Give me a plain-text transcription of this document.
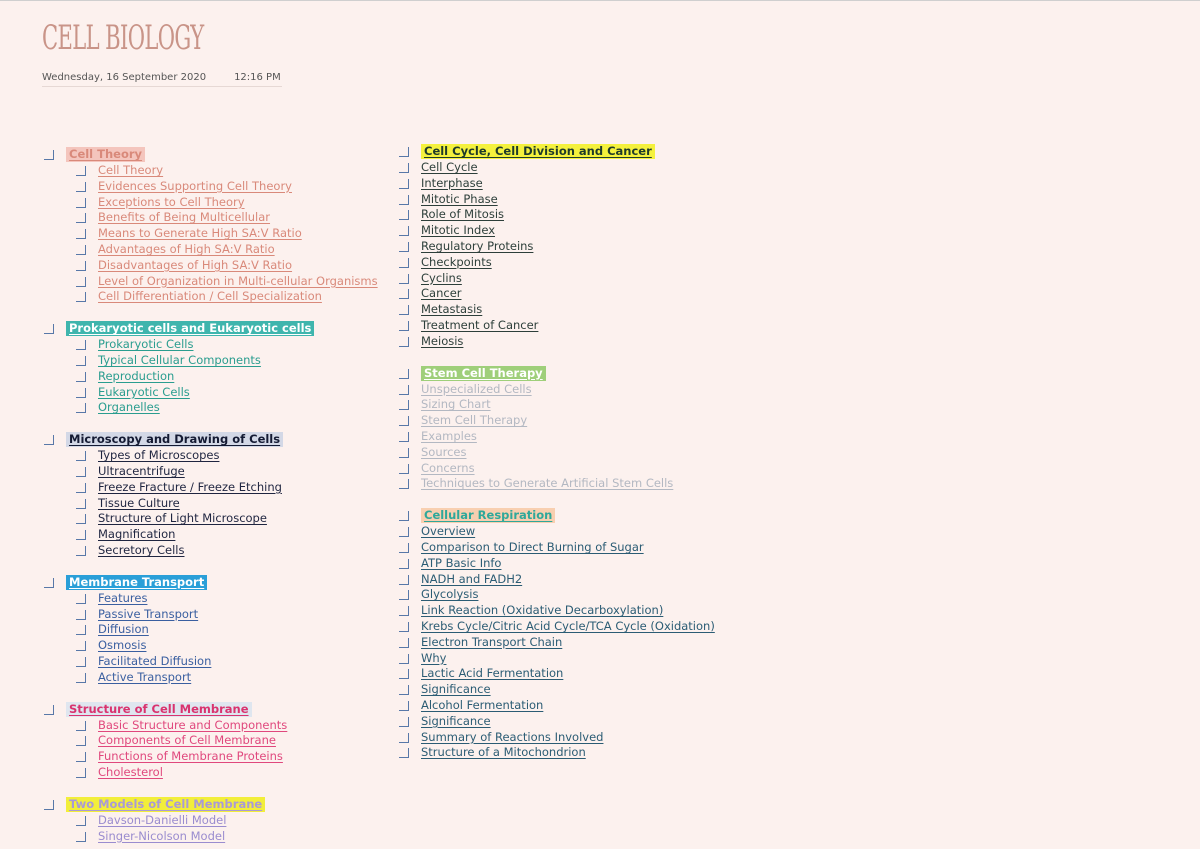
CELL BIOLOGY
Wednesday, 16 September 2020	12:16 PM
Cell Theory
Cell Theory
Evidences Supporting Cell Theory
Exceptions to Cell Theory
Benefits of Being Multicellular
Means to Generate High SA:V Ratio
Advantages of High SA:V Ratio
Disadvantages of High SA:V Ratio
Level of Organization in Multi-cellular Organisms
Cell Differentiation / Cell Specialization
Prokaryotic cells and Eukaryotic cells
Prokaryotic Cells
Typical Cellular Components
Reproduction
Eukaryotic Cells
Organelles
Microscopy and Drawing of Cells
Types of Microscopes
Ultracentrifuge
Freeze Fracture / Freeze Etching
Tissue Culture
Structure of Light Microscope
Magnification
Secretory Cells
Membrane Transport
Features
Passive Transport
Diffusion
Osmosis
Facilitated Diffusion
Active Transport
Structure of Cell Membrane
Basic Structure and Components
Components of Cell Membrane
Functions of Membrane Proteins
Cholesterol
Two Models of Cell Membrane
Davson-Danielli Model
Singer-Nicolson Model
Cell Cycle, Cell Division and Cancer
Cell Cycle
Interphase
Mitotic Phase
Role of Mitosis
Mitotic Index
Regulatory Proteins
Checkpoints
Cyclins
Cancer
Metastasis
Treatment of Cancer
Meiosis
Stem Cell Therapy
Unspecialized Cells
Sizing Chart
Stem Cell Therapy
Examples
Sources
Concerns
Techniques to Generate Artificial Stem Cells
Cellular Respiration
Overview
Comparison to Direct Burning of Sugar
ATP Basic Info
NADH and FADH2
Glycolysis
Link Reaction (Oxidative Decarboxylation)
Krebs Cycle/Citric Acid Cycle/TCA Cycle (Oxidation)
Electron Transport Chain
Why
Lactic Acid Fermentation
Significance
Alcohol Fermentation
Significance
Summary of Reactions Involved
Structure of a Mitochondrion
